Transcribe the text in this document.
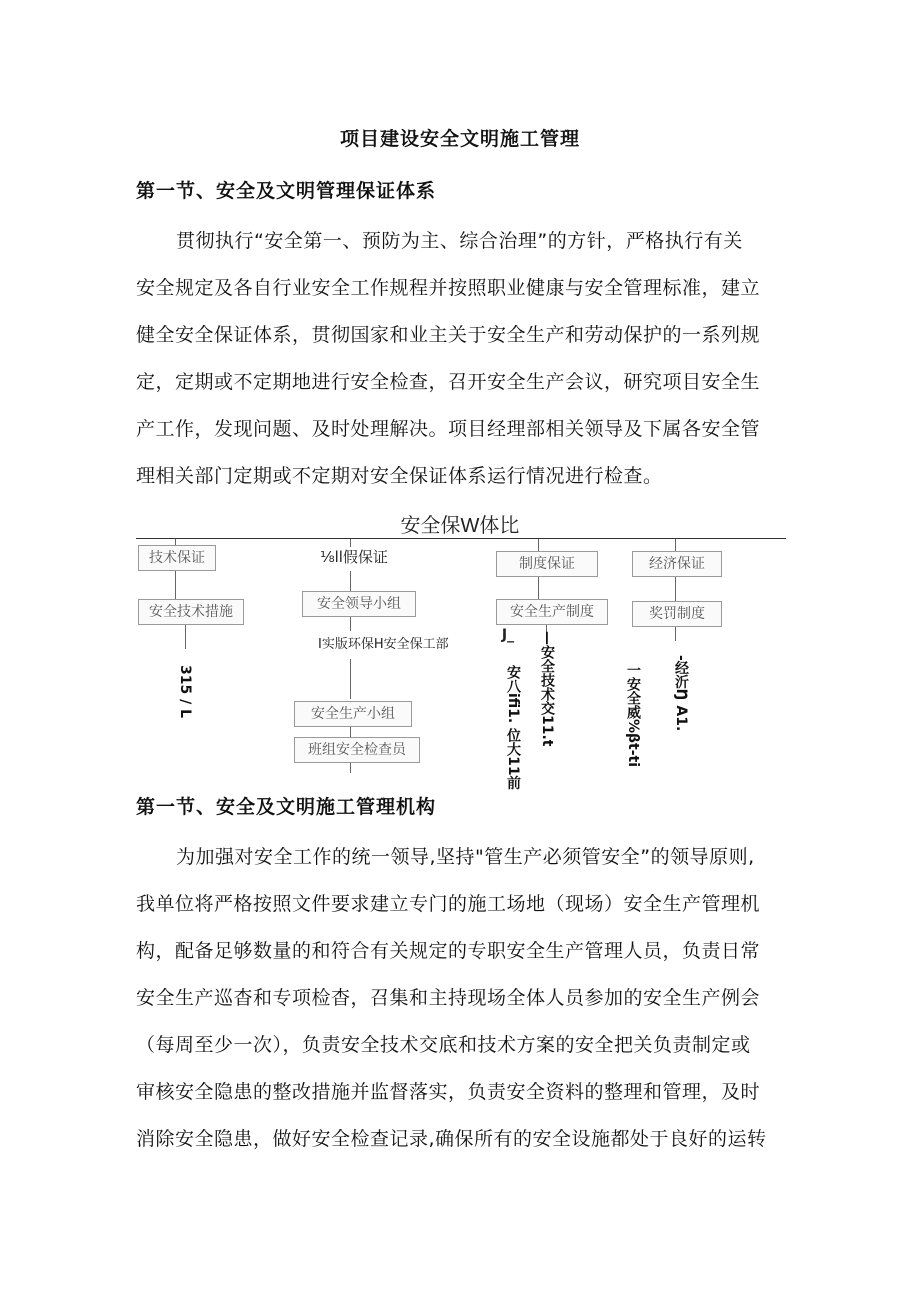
项目建设安全文明施工管理
第一节、安全及文明管理保证体系
贯彻执行“安全第一、预防为主、综合治理”的方针，严格执行有关
安全规定及各自行业安全工作规程并按照职业健康与安全管理标准，建立
健全安全保证体系，贯彻国家和业主关于安全生产和劳动保护的一系列规
定，定期或不定期地进行安全检查，召开安全生产会议，研究项目安全生
产工作，发现问题、及时处理解决。项目经理部相关领导及下属各安全管
理相关部门定期或不定期对安全保证体系运行情况进行检查。
安全保W体比
技术保证
安全技术措施
315 / L
⅛ll假保证
安全领导小组
I实版环保H安全保工部
安全生产小组
班组安全检查员
制度保证
安全生产制度
J_
安八ifi1. 位大11前 —安全技术交11.t
经济保证
奖罚制度
一安全威%βt-ti -经沂Ŋ A1.
第一节、安全及文明施工管理机构
为加强对安全工作的统一领导,坚持"管生产必须管安全”的领导原则,
我单位将严格按照文件要求建立专门的施工场地（现场）安全生产管理机
构，配备足够数量的和符合有关规定的专职安全生产管理人员，负责日常
安全生产巡杳和专项检杳，召集和主持现场全体人员参加的安全生产例会
（每周至少一次），负责安全技术交底和技术方案的安全把关负责制定或
审核安全隐患的整改措施并监督落实，负责安全资料的整理和管理，及时
消除安全隐患，做好安全检查记录,确保所有的安全设施都处于良好的运转
